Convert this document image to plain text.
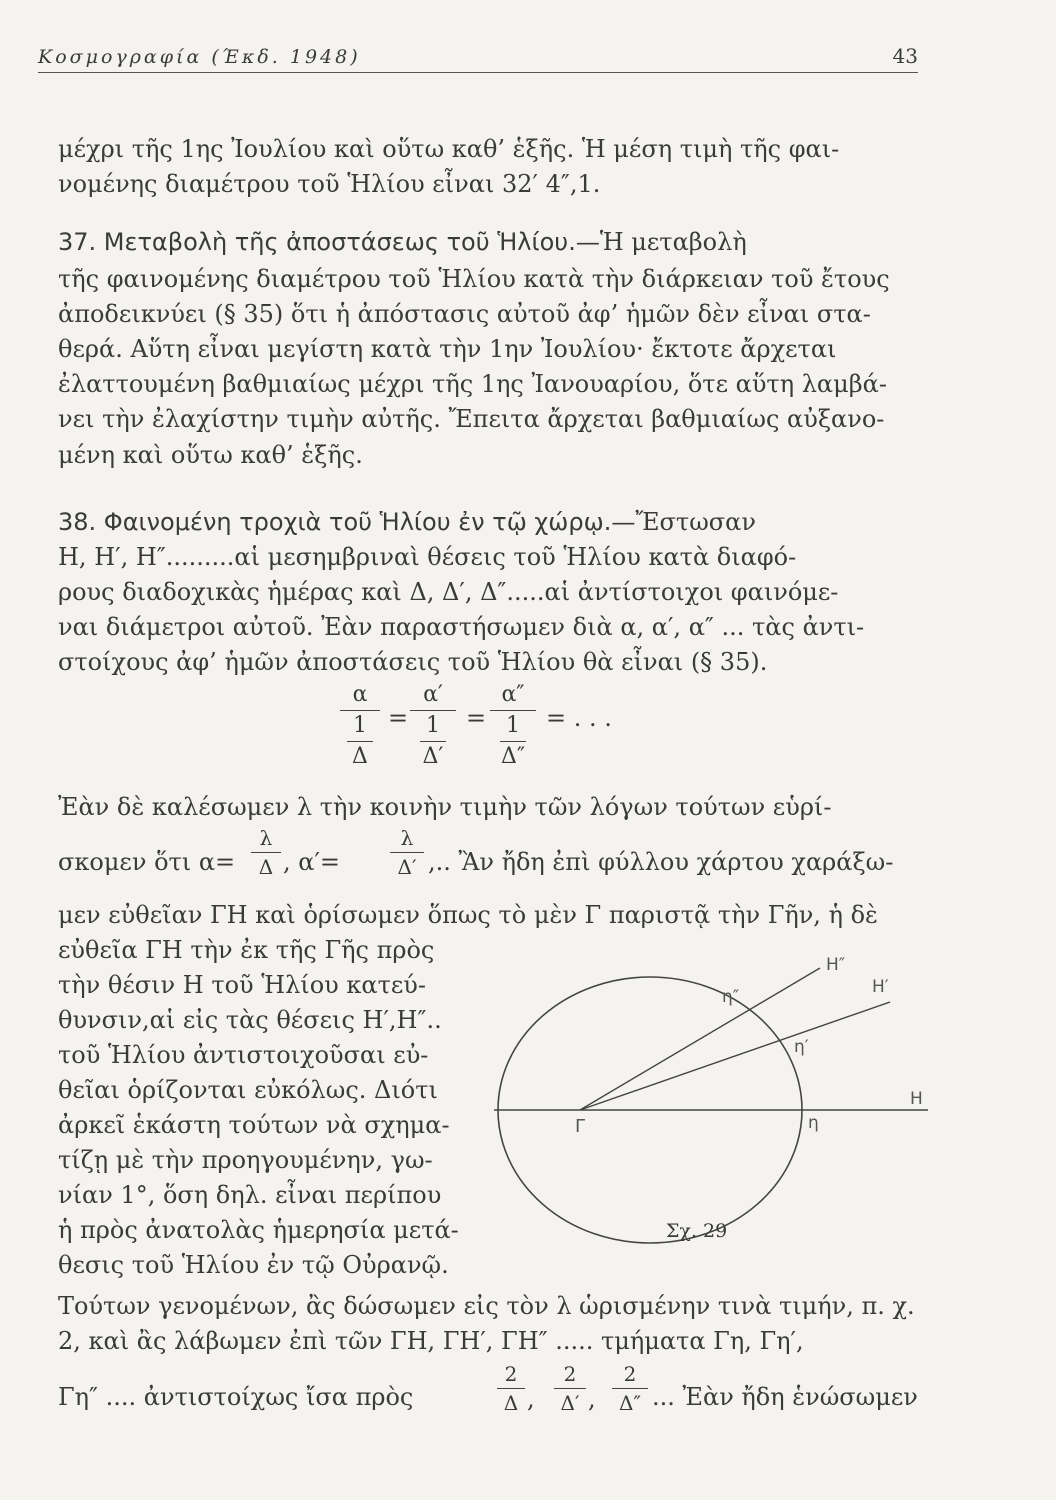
Κοσμογραφία (Έκδ. 1948)	43
μέχρι τῆς 1ης Ἰουλίου καὶ οὕτω καθ’ ἑξῆς. Ἡ μέση τιμὴ τῆς φαι-
νομένης διαμέτρου τοῦ Ἡλίου εἶναι 32′ 4″,1.
37. Μεταβολὴ τῆς ἀποστάσεως τοῦ Ἡλίου.—Ἡ μεταβολὴ
τῆς φαινομένης διαμέτρου τοῦ Ἡλίου κατὰ τὴν διάρκειαν τοῦ ἔτους
ἀποδεικνύει (§ 35) ὅτι ἡ ἀπόστασις αὐτοῦ ἀφ’ ἡμῶν δὲν εἶναι στα-
θερά. Αὕτη εἶναι μεγίστη κατὰ τὴν 1ην Ἰουλίου· ἔκτοτε ἄρχεται
ἐλαττουμένη βαθμιαίως μέχρι τῆς 1ης Ἰανουαρίου, ὅτε αὕτη λαμβά-
νει τὴν ἐλαχίστην τιμὴν αὐτῆς. Ἔπειτα ἄρχεται βαθμιαίως αὐξανο-
μένη καὶ οὕτω καθ’ ἑξῆς.
38. Φαινομένη τροχιὰ τοῦ Ἡλίου ἐν τῷ χώρῳ.—Ἔστωσαν
Η, Η′, Η″.........αἱ μεσημβριναὶ θέσεις τοῦ Ἡλίου κατὰ διαφό-
ρους διαδοχικὰς ἡμέρας καὶ Δ, Δ′, Δ″.....αἱ ἀντίστοιχοι φαινόμε-
ναι διάμετροι αὐτοῦ. Ἐὰν παραστήσωμεν διὰ α, α′, α″ ... τὰς ἀντι-
στοίχους ἀφ’ ἡμῶν ἀποστάσεις τοῦ Ἡλίου θὰ εἶναι (§ 35).
α
1
Δ
=
α′
1
Δ′
=
α″
1
Δ″
= . . .
Ἐὰν δὲ καλέσωμεν λ τὴν κοινὴν τιμὴν τῶν λόγων τούτων εὑρί-
σκομεν ὅτι α=
λ
Δ , α′=
λ
Δ′ ,.. Ἂν ἤδη ἐπὶ φύλλου χάρτου χαράξω-
μεν εὐθεῖαν ΓΗ καὶ ὁρίσωμεν ὅπως τὸ μὲν Γ παριστᾷ τὴν Γῆν, ἡ δὲ
εὐθεῖα ΓΗ τὴν ἐκ τῆς Γῆς πρὸς
τὴν θέσιν Η τοῦ Ἡλίου κατεύ-
θυνσιν,αἱ εἰς τὰς θέσεις Η′,Η″..
τοῦ Ἡλίου ἀντιστοιχοῦσαι εὐ-
θεῖαι ὁρίζονται εὐκόλως. Διότι
ἀρκεῖ ἑκάστη τούτων νὰ σχημα-
τίζῃ μὲ τὴν προηγουμένην, γω-
νίαν 1°, ὅση δηλ. εἶναι περίπου
ἡ πρὸς ἀνατολὰς ἡμερησία μετά-
θεσις τοῦ Ἡλίου ἐν τῷ Οὐρανῷ.
Γ
Η
Η′
Η″
η
η′
η″
Σχ. 29
Τούτων γενομένων, ἂς δώσωμεν εἰς τὸν λ ὡρισμένην τινὰ τιμήν, π. χ.
2, καὶ ἂς λάβωμεν ἐπὶ τῶν ΓΗ, ΓΗ′, ΓΗ″ ..... τμήματα Γη, Γη′,
Γη″ .... ἀντιστοίχως ἴσα πρὸς
2
Δ ,
2
Δ′ ,
2
Δ″ ... Ἐὰν ἤδη ἑνώσωμεν
